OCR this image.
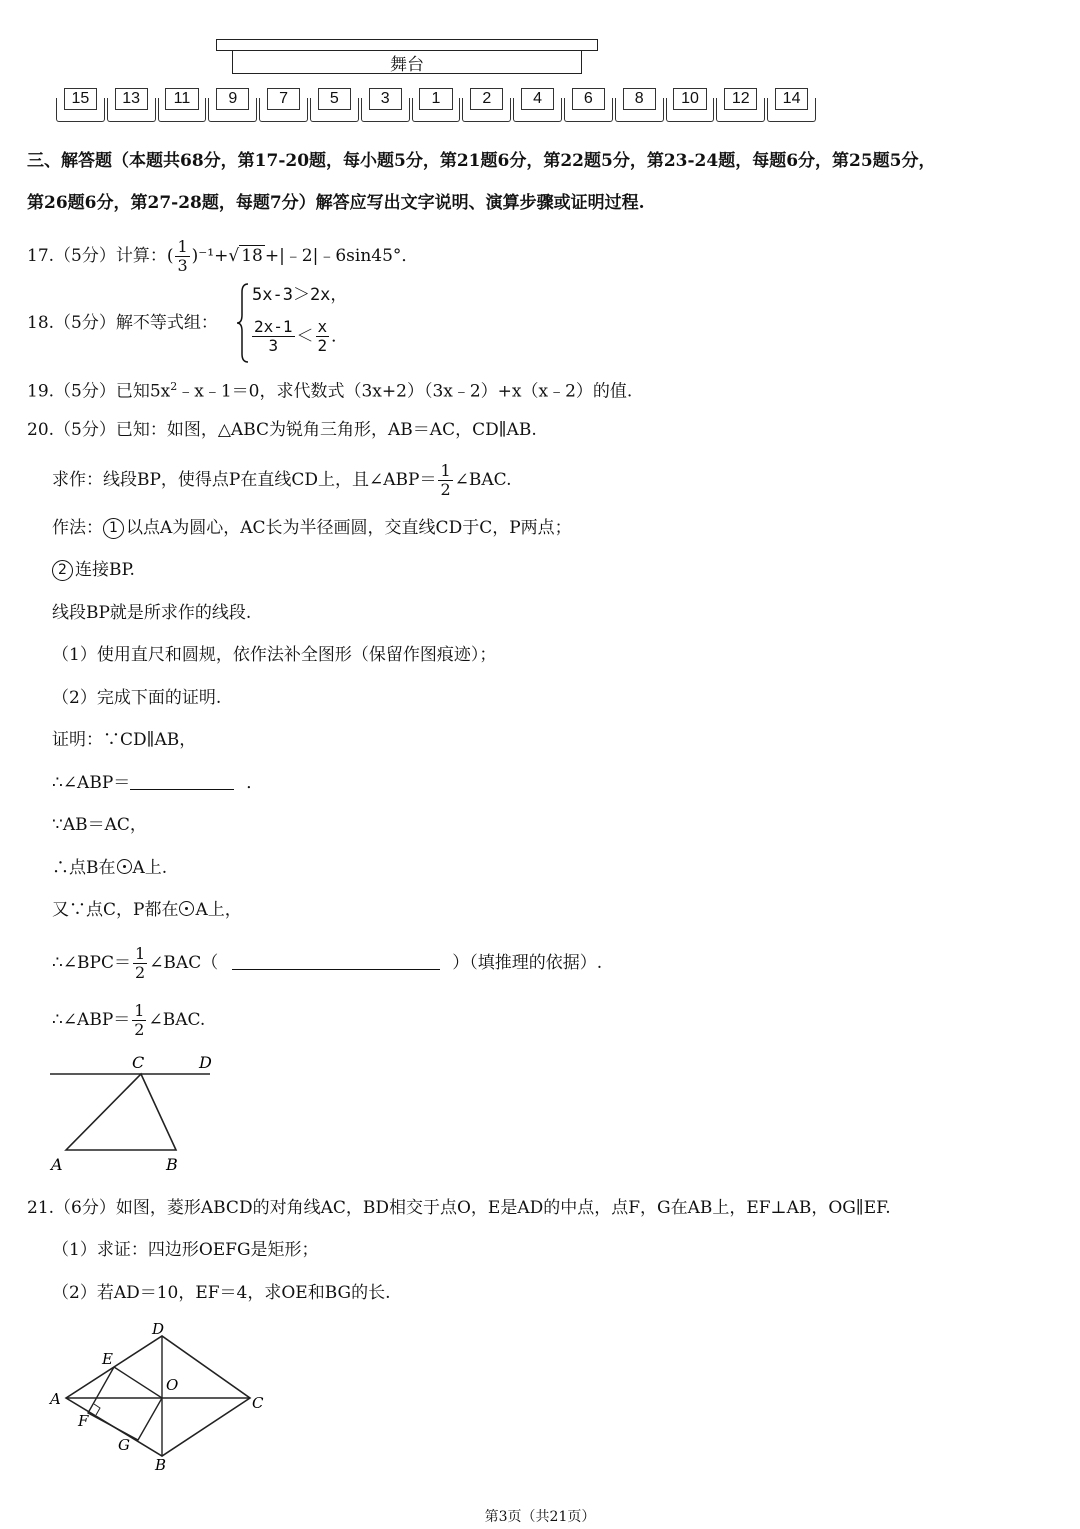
舞台
15 13 11 9	7	5	3	1	2	4	6	8 10 12 14
三、解答题（本题共68分，第17-20题，每小题5分，第21题6分，第22题5分，第23-24题，每题6分，第25题5分，
第26题6分，第27-28题，每题7分）解答应写出文字说明、演算步骤或证明过程.
17.（5分）计算：( $\frac{1}{3} )^{-1}+√$ 18 +|﹣2|﹣6sin45°．
18.（5分）解不等式组：
5x-3＞2x，
$\frac{2x-1}{3} < \frac{x}{2}$ ．
19.（5分）已知$5x^2﹣x﹣1=0$，求代数式（3x+2）（3x﹣2）+x（x﹣2）的值.
20.（5分）已知：如图，△ABC为锐角三角形，AB＝AC，CD∥AB.
求作：线段BP，使得点P在直线CD上，且∠ABP＝ $\frac{1}{2}$ ∠BAC.
作法： 1 以点A为圆心，AC长为半径画圆，交直线CD于C，P两点；
2 连接BP.
线段BP就是所求作的线段.
（1）使用直尺和圆规，依作法补全图形（保留作图痕迹）；
（2）完成下面的证明.
证明：∵CD∥AB，
∴∠ABP＝	．
∵AB＝AC，
∴点B在 A上.
又∵点C，P都在 A上，
∴∠BPC＝ $\frac{1}{2}$ ∠BAC（	）（填推理的依据）.
∴∠ABP＝ $\frac{1}{2}$ ∠BAC.
C	D
A	B
21.（6分）如图，菱形ABCD的对角线AC，BD相交于点O，E是AD的中点，点F，G在AB上，EF⊥AB，OG∥EF.
（1）求证：四边形OEFG是矩形；
（2）若AD＝10，EF＝4，求OE和BG的长.
A
B
C
D
E
F
G
O
第3页（共21页）
